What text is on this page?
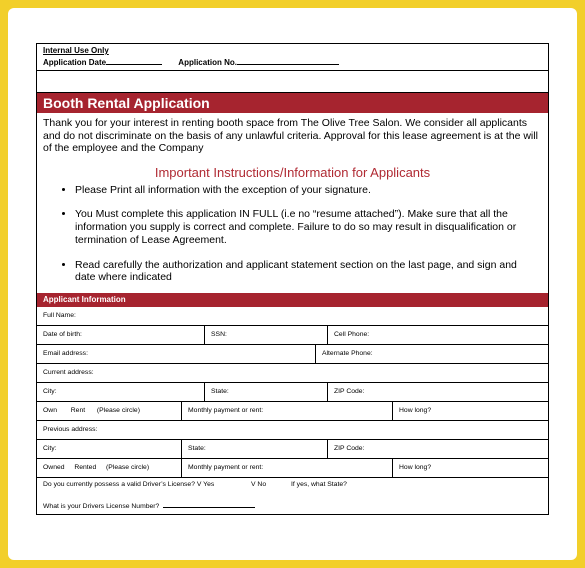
Internal Use Only
Application Date	Application No.
Booth Rental Application
Thank you for your interest in renting booth space from The Olive Tree Salon. We consider all applicants and do not discriminate on the basis of any unlawful criteria. Approval for this lease agreement is at the will of the employee and the Company
Important Instructions/Information for Applicants
• Please Print all information with the exception of your signature.
• You Must complete this application IN FULL (i.e no “resume attached”). Make sure that all the information you supply is correct and complete. Failure to do so may result in disqualification or termination of Lease Agreement.
• Read carefully the authorization and applicant statement section on the last page, and sign and date where indicated
Applicant Information
Full Name:
Date of birth:	SSN:	Cell Phone:
Email address:	Alternate Phone:
Current address:
City:	State:	ZIP Code:
Own Rent (Please circle)	Monthly payment or rent:	How long?
Previous address:
City:	State:	ZIP Code:
Owned Rented (Please circle)	Monthly payment or rent:	How long?
Do you currently possess a valid Driver’s License? V Yes	V No	If yes, what State?
What is your Drivers License Number?
